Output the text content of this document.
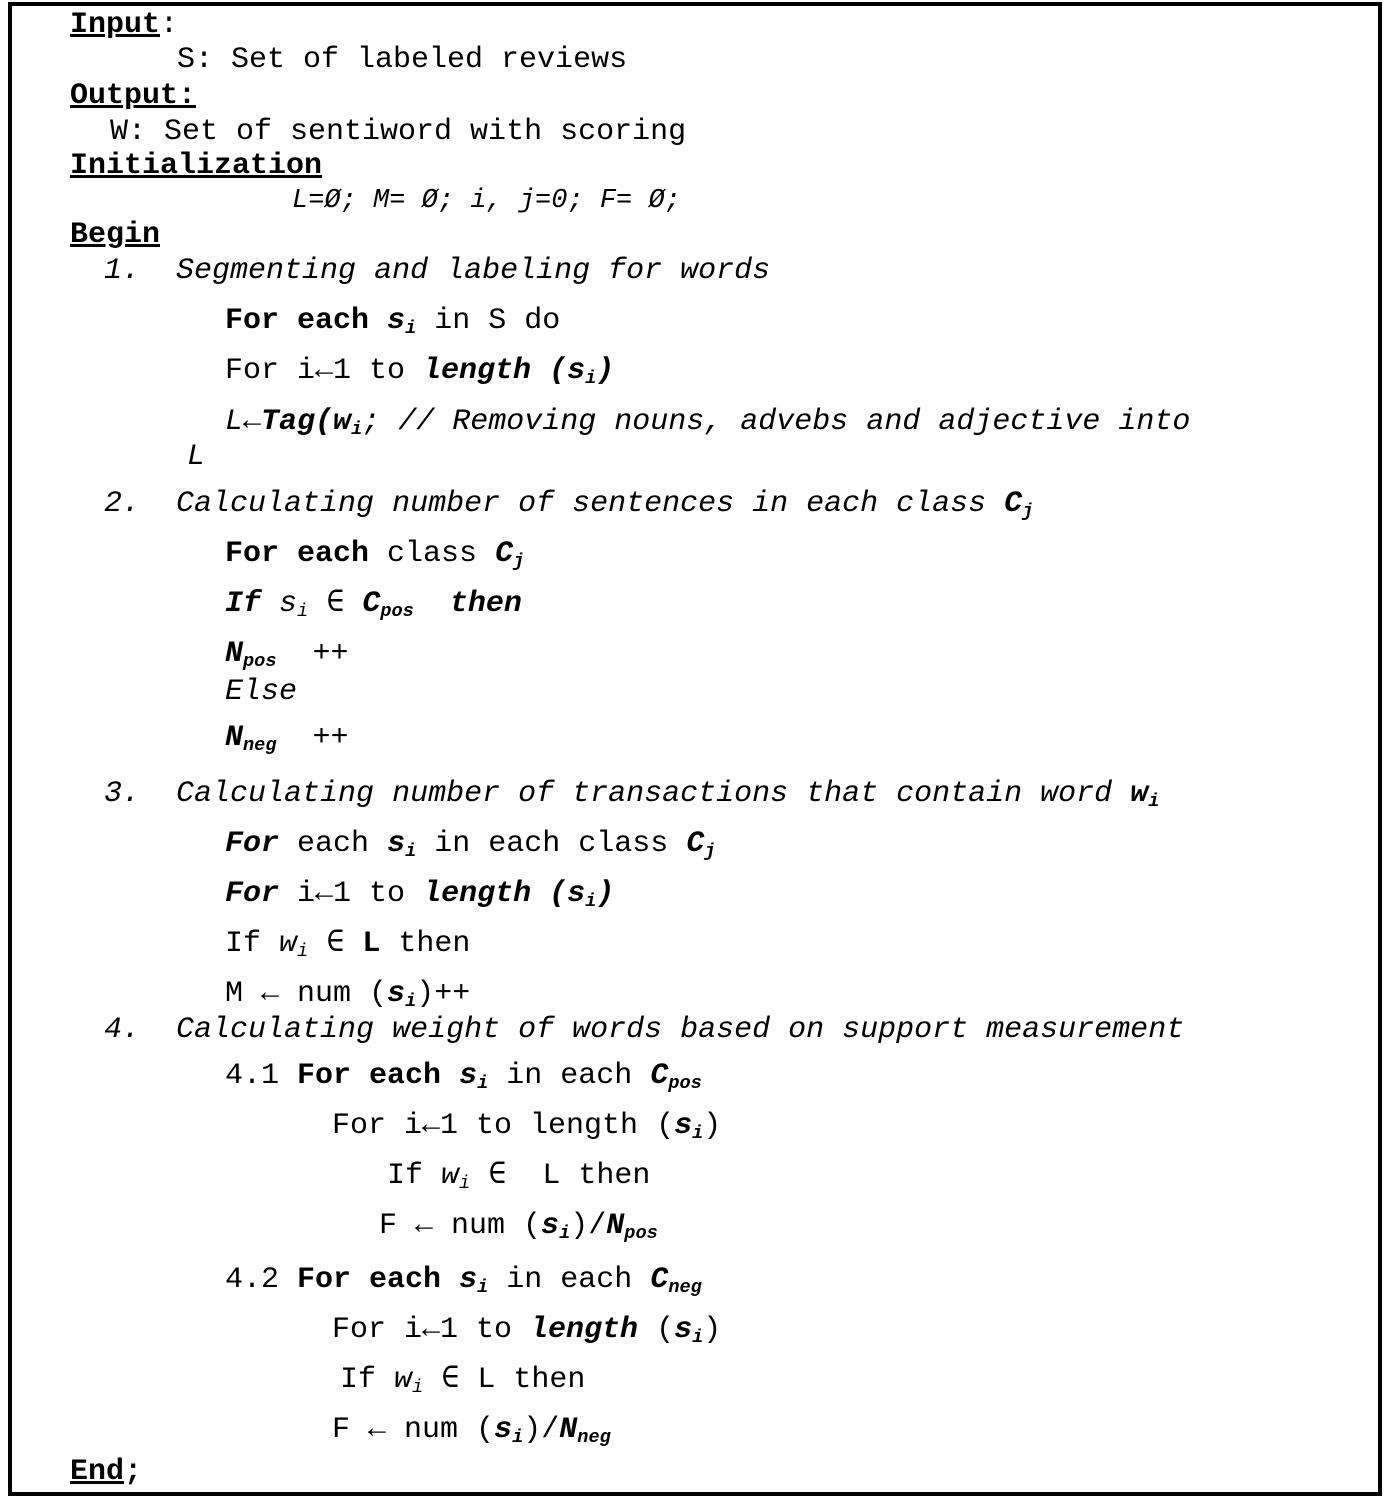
Input:
S: Set of labeled reviews
Output:
W: Set of sentiword with scoring
Initialization
L=Ø; M= Ø; i, j=0; F= Ø;
Begin
1. Segmenting and labeling for words
For each $s_i$ in S do
For i←1 to length $(s_i)$
$L\leftarrow Tag(w_i$; // Removing nouns, advebs and adjective into
L
2. Calculating number of sentences in each class $C_j$
For each class $C_j$
If $s_i$ ∈ $C_{pos}$ then
$N_{pos}$ ++
Else
$N_{neg}$ ++
3. Calculating number of transactions that contain word $w_i$
For each $s_i$ in each class $C_j$
For i←1 to length $(s_i)$
If $w_i$ ∈ L then
M ← num $(s_i)++$
4. Calculating weight of words based on support measurement
4.1 For each $s_i$ in each $C_{pos}$
For i←1 to length $(s_i)$
If $w_i$ ∈ L then
F ← num $(s_i)/N_{pos}$
4.2 For each $s_i$ in each $C_{neg}$
For i←1 to length $(s_i)$
If $w_i$ ∈ L then
F ← num $(s_i)/N_{neg}$
End;
